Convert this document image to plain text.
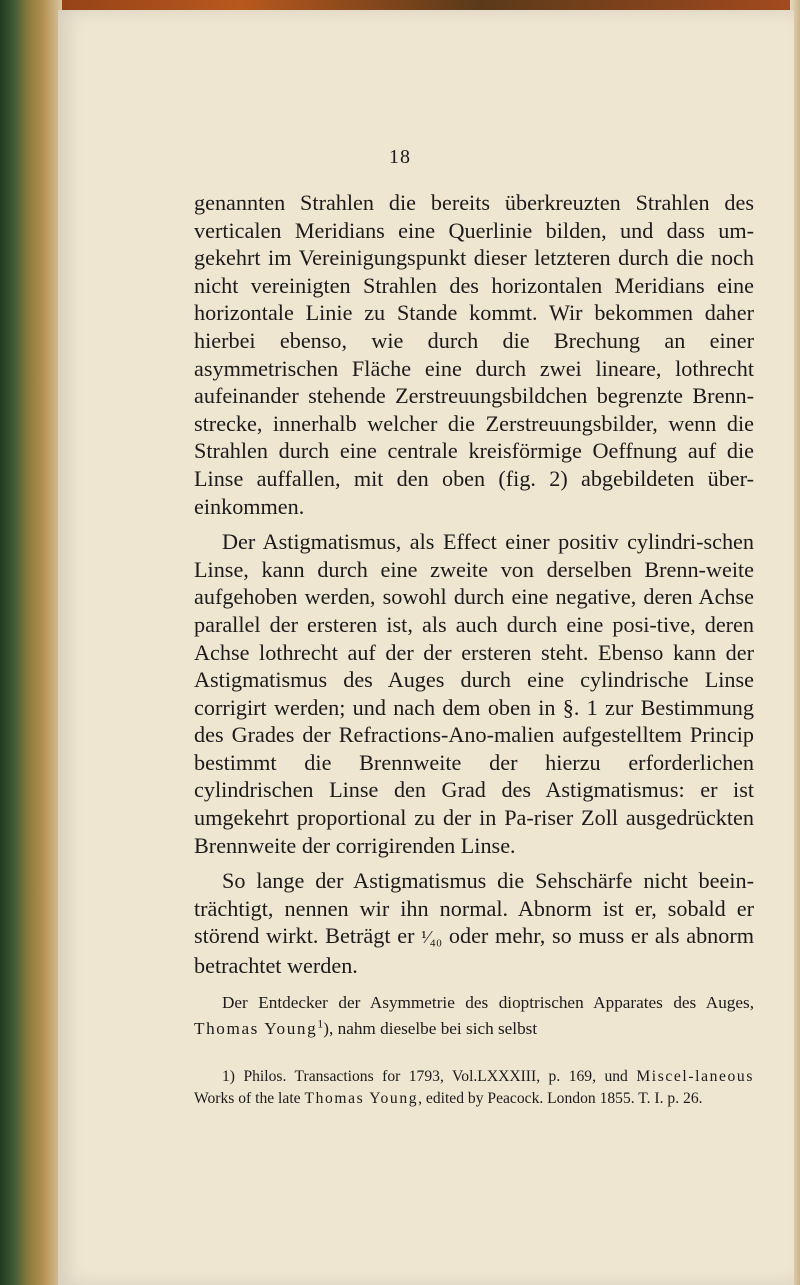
18

genannten Strahlen die bereits überkreuzten Strahlen des verticalen Meridians eine Querlinie bilden, und dass um-gekehrt im Vereinigungspunkt dieser letzteren durch die noch nicht vereinigten Strahlen des horizontalen Meridians eine horizontale Linie zu Stande kommt. Wir bekommen daher hierbei ebenso, wie durch die Brechung an einer asymmetrischen Fläche eine durch zwei lineare, lothrecht aufeinander stehende Zerstreuungsbildchen begrenzte Brenn-strecke, innerhalb welcher die Zerstreuungsbilder, wenn die Strahlen durch eine centrale kreisförmige Oeffnung auf die Linse auffallen, mit den oben (fig. 2) abgebildeten über-einkommen.

Der Astigmatismus, als Effect einer positiv cylindri-schen Linse, kann durch eine zweite von derselben Brenn-weite aufgehoben werden, sowohl durch eine negative, deren Achse parallel der ersteren ist, als auch durch eine posi-tive, deren Achse lothrecht auf der der ersteren steht. Ebenso kann der Astigmatismus des Auges durch eine cylindrische Linse corrigirt werden; und nach dem oben in §. 1 zur Bestimmung des Grades der Refractions-Ano-malien aufgestelltem Princip bestimmt die Brennweite der hierzu erforderlichen cylindrischen Linse den Grad des Astigmatismus: er ist umgekehrt proportional zu der in Pa-riser Zoll ausgedrückten Brennweite der corrigirenden Linse.

So lange der Astigmatismus die Sehschärfe nicht beein-trächtigt, nennen wir ihn normal. Abnorm ist er, sobald er störend wirkt. Beträgt er ¹⁄₄₀ oder mehr, so muss er als abnorm betrachtet werden.

Der Entdecker der Asymmetrie des dioptrischen Apparates des Auges, Thomas Young$^1$), nahm dieselbe bei sich selbst

1) Philos. Transactions for 1793, Vol.LXXXIII, p. 169, und Miscel-laneous Works of the late Thomas Young, edited by Peacock. London 1855. T. I. p. 26.
